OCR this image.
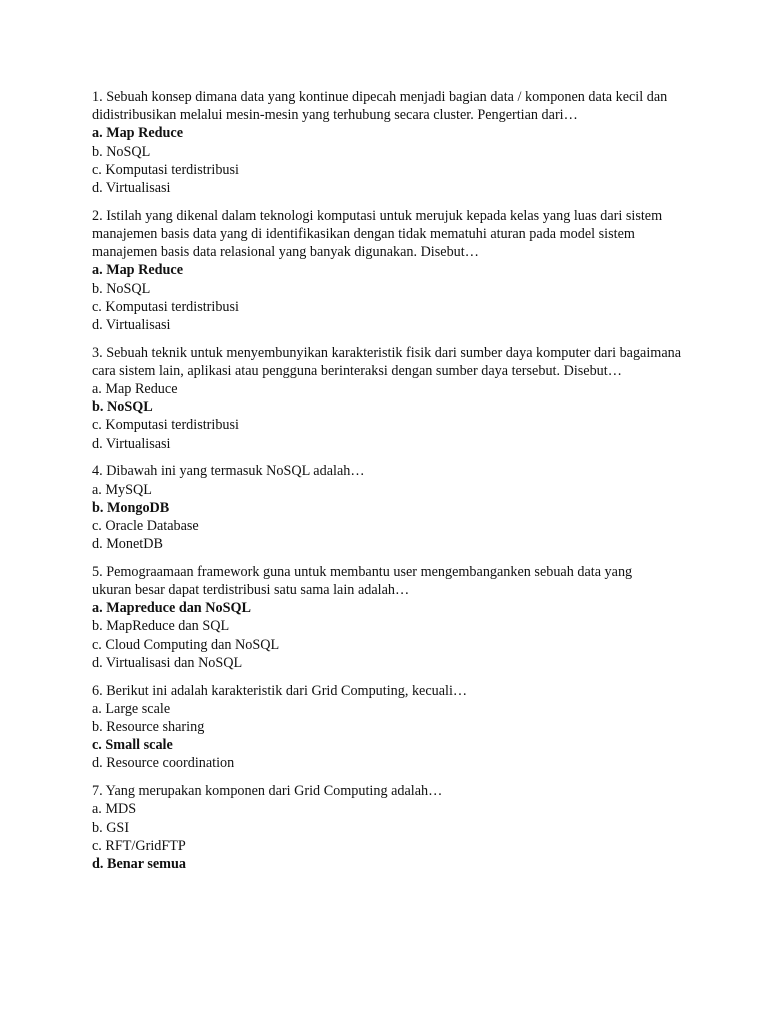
1. Sebuah konsep dimana data yang kontinue dipecah menjadi bagian data / komponen data kecil dan didistribusikan melalui mesin-mesin yang terhubung secara cluster. Pengertian dari…

a. Map Reduce
b. NoSQL
c. Komputasi terdistribusi
d. Virtualisasi

2. Istilah yang dikenal dalam teknologi komputasi untuk merujuk kepada kelas yang luas dari sistem manajemen basis data yang di identifikasikan dengan tidak mematuhi aturan pada model sistem manajemen basis data relasional yang banyak digunakan. Disebut…

a. Map Reduce
b. NoSQL
c. Komputasi terdistribusi
d. Virtualisasi

3. Sebuah teknik untuk menyembunyikan karakteristik fisik dari sumber daya komputer dari bagaimana cara sistem lain, aplikasi atau pengguna berinteraksi dengan sumber daya tersebut. Disebut…

a. Map Reduce
b. NoSQL
c. Komputasi terdistribusi
d. Virtualisasi

4. Dibawah ini yang termasuk NoSQL adalah…

a. MySQL
b. MongoDB
c. Oracle Database
d. MonetDB

5. Pemograamaan framework guna untuk membantu user mengembanganken sebuah data yang ukuran besar dapat terdistribusi satu sama lain adalah…

a. Mapreduce dan NoSQL
b. MapReduce dan SQL
c. Cloud Computing dan NoSQL
d. Virtualisasi dan NoSQL

6. Berikut ini adalah karakteristik dari Grid Computing, kecuali…

a. Large scale
b. Resource sharing
c. Small scale
d. Resource coordination

7. Yang merupakan komponen dari Grid Computing adalah…

a. MDS
b. GSI
c. RFT/GridFTP
d. Benar semua
